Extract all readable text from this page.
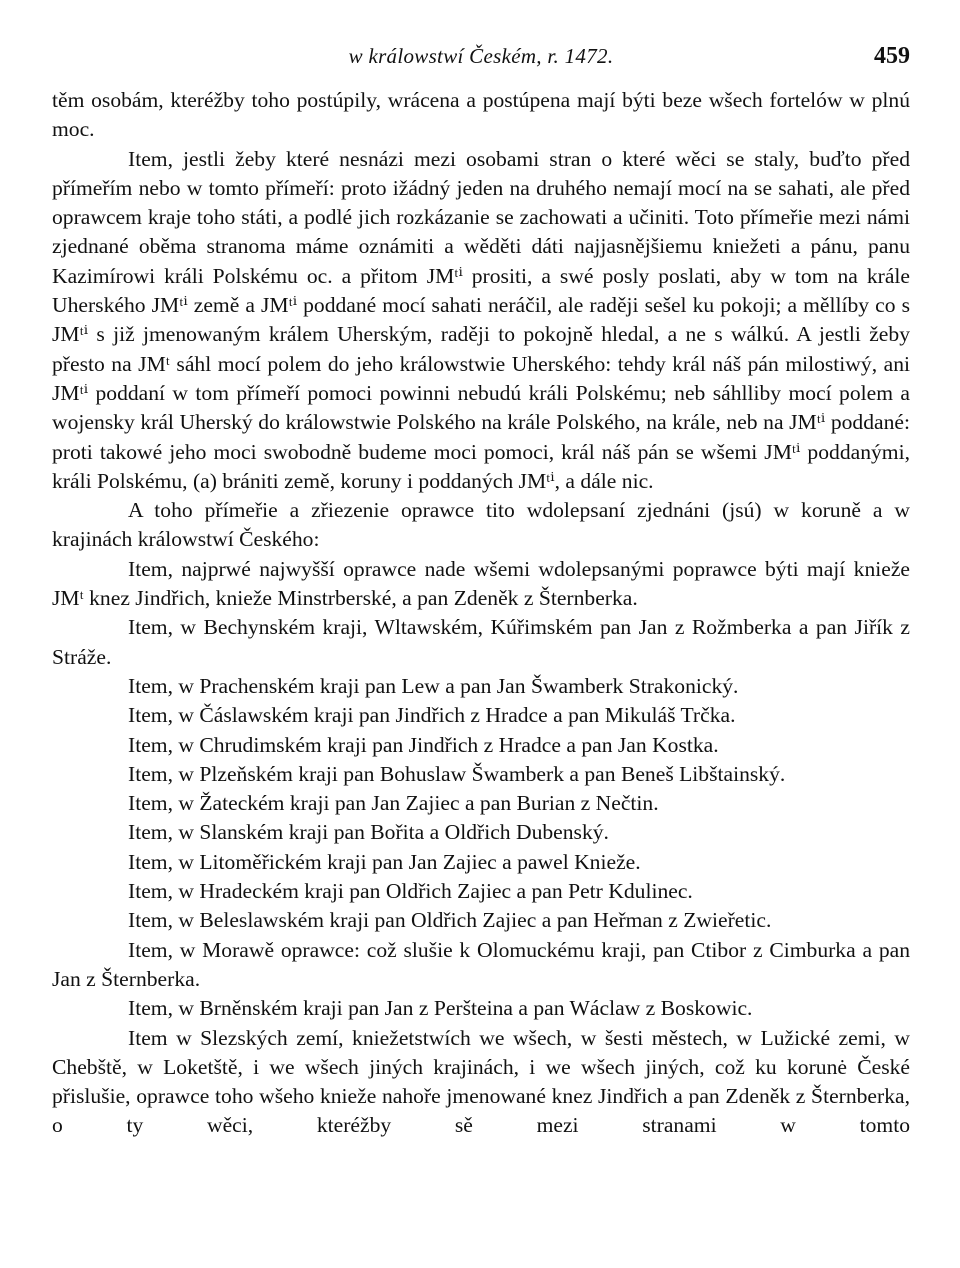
w králowstwí Českém, r. 1472.	459

těm osobám, kteréžby toho postúpily, wrácena a postúpena mají býti beze wšech fortelów w plnú moc.

Item, jestli žeby které nesnázi mezi osobami stran o které wěci se staly, buďto před přímeřím nebo w tomto přímeří: proto ižádný jeden na druhého nemají mocí na se sahati, ale před oprawcem kraje toho státi, a podlé jich rozkázanie se zachowati a učiniti. Toto přímeřie mezi námi zjednané oběma stranoma máme oznámiti a wěděti dáti najjasnějšiemu kniežeti a pánu, panu Kazimírowi králi Polskému oc. a přitom JMᵗⁱ prositi, a swé posly poslati, aby w tom na krále Uherského JMᵗⁱ země a JMᵗⁱ poddané mocí sahati neráčil, ale raději sešel ku pokoji; a měllíby co s JMᵗⁱ s již jmenowaným králem Uherským, raději to pokojně hledal, a ne s wálkú. A jestli žeby přesto na JMᵗ sáhl mocí polem do jeho králowstwie Uherského: tehdy král náš pán milostiwý, ani JMᵗⁱ poddaní w tom přímeří pomoci powinni nebudú králi Polskému; neb sáhlliby mocí polem a wojensky král Uherský do králowstwie Polského na krále Polského, na krále, neb na JMᵗⁱ poddané: proti takowé jeho moci swobodně budeme moci pomoci, král náš pán se wšemi JMᵗⁱ poddanými, králi Polskému, (a) brániti země, koruny i poddaných JMᵗⁱ, a dále nic.

A toho přímeřie a zřiezenie oprawce tito wdolepsaní zjednáni (jsú) w koruně a w krajinách králowstwí Českého:

Item, najprwé najwyšší oprawce nade wšemi wdolepsanými poprawce býti mají knieže JMᵗ knez Jindřich, knieže Minstrberské, a pan Zdeněk z Šternberka.

Item, w Bechynském kraji, Wltawském, Kúřimském pan Jan z Rožmberka a pan Jiřík z Stráže.

Item, w Prachenském kraji pan Lew a pan Jan Šwamberk Strakonický.

Item, w Čáslawském kraji pan Jindřich z Hradce a pan Mikuláš Trčka.

Item, w Chrudimském kraji pan Jindřich z Hradce a pan Jan Kostka.

Item, w Plzeňském kraji pan Bohuslaw Šwamberk a pan Beneš Libštainský.

Item, w Žateckém kraji pan Jan Zajiec a pan Burian z Nečtin.

Item, w Slanském kraji pan Bořita a Oldřich Dubenský.

Item, w Litoměřickém kraji pan Jan Zajiec a pawel Knieže.

Item, w Hradeckém kraji pan Oldřich Zajiec a pan Petr Kdulinec.

Item, w Beleslawském kraji pan Oldřich Zajiec a pan Heřman z Zwieřetic.

Item, w Morawě oprawce: což slušie k Olomuckému kraji, pan Ctibor z Cimburka a pan Jan z Šternberka.

Item, w Brněnském kraji pan Jan z Peršteina a pan Wáclaw z Boskowic.

Item w Slezských zemí, kniežetstwích we wšech, w šesti městech, w Lužické zemi, w Chebště, w Loketště, i we wšech jiných krajinách, i we wšech jiných, což ku korunė České přislušie, oprawce toho wšeho knieže nahoře jmenowané knez Jindřich a pan Zdeněk z Šternberka, o ty wěci, kteréžby sě mezi stranami w tomto
